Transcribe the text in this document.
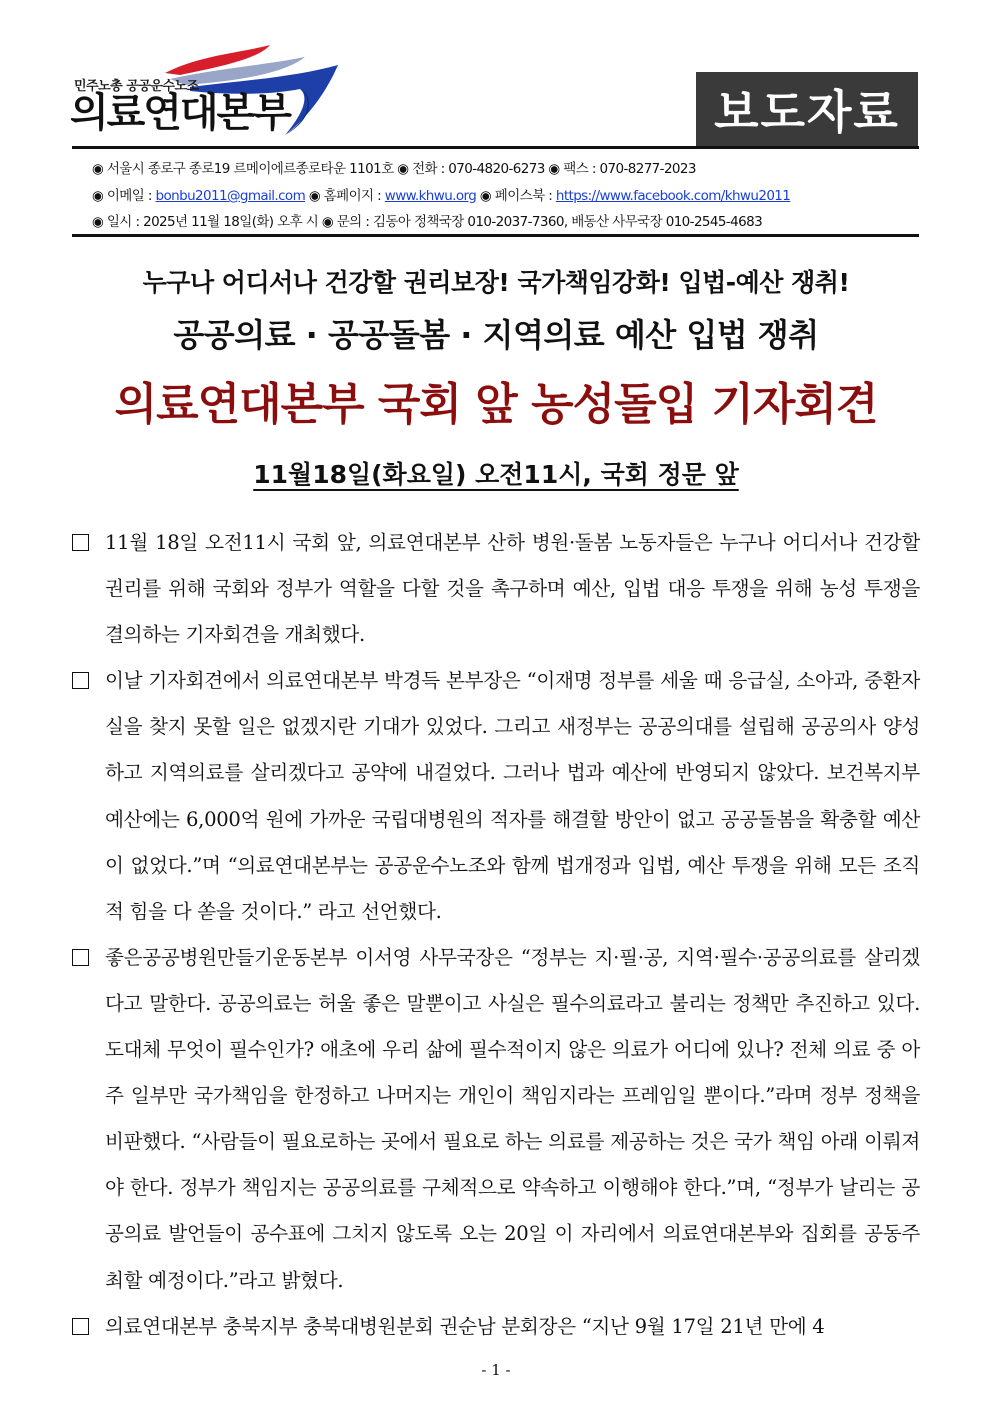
민주노총 공공운수노조
의료연대본부	보도자료
◉ 서울시 종로구 종로19 르메이에르종로타운 1101호 ◉ 전화 : 070-4820-6273 ◉ 팩스 : 070-8277-2023
◉ 이메일 : bonbu2011@gmail.com ◉ 홈페이지 : www.khwu.org ◉ 페이스북 : https://www.facebook.com/khwu2011
◉ 일시 : 2025년 11월 18일(화) 오후 시 ◉ 문의 : 김동아 정책국장 010-2037-7360, 배동산 사무국장 010-2545-4683
누구나 어디서나 건강할 권리보장! 국가책임강화! 입법-예산 쟁취!
공공의료 · 공공돌봄 · 지역의료 예산 입법 쟁취
의료연대본부 국회 앞 농성돌입 기자회견
11월18일(화요일) 오전11시, 국회 정문 앞
11월 18일 오전11시 국회 앞, 의료연대본부 산하 병원·돌봄 노동자들은 누구나 어디서나 건강할 권리를 위해 국회와 정부가 역할을 다할 것을 촉구하며 예산, 입법 대응 투쟁을 위해 농성 투쟁을 결의하는 기자회견을 개최했다.
이날 기자회견에서 의료연대본부 박경득 본부장은 “이재명 정부를 세울 때 응급실, 소아과, 중환자실을 찾지 못할 일은 없겠지란 기대가 있었다. 그리고 새정부는 공공의대를 설립해 공공의사 양성하고 지역의료를 살리겠다고 공약에 내걸었다. 그러나 법과 예산에 반영되지 않았다. 보건복지부 예산에는 6,000억 원에 가까운 국립대병원의 적자를 해결할 방안이 없고 공공돌봄을 확충할 예산이 없었다.”며 “의료연대본부는 공공운수노조와 함께 법개정과 입법, 예산 투쟁을 위해 모든 조직적 힘을 다 쏟을 것이다.” 라고 선언했다.
좋은공공병원만들기운동본부 이서영 사무국장은 “정부는 지·필·공, 지역·필수·공공의료를 살리겠다고 말한다. 공공의료는 허울 좋은 말뿐이고 사실은 필수의료라고 불리는 정책만 추진하고 있다. 도대체 무엇이 필수인가? 애초에 우리 삶에 필수적이지 않은 의료가 어디에 있나? 전체 의료 중 아주 일부만 국가책임을 한정하고 나머지는 개인이 책임지라는 프레임일 뿐이다.”라며 정부 정책을 비판했다. “사람들이 필요로하는 곳에서 필요로 하는 의료를 제공하는 것은 국가 책임 아래 이뤄져야 한다. 정부가 책임지는 공공의료를 구체적으로 약속하고 이행해야 한다.”며, “정부가 날리는 공공의료 발언들이 공수표에 그치지 않도록 오는 20일 이 자리에서 의료연대본부와 집회를 공동주최할 예정이다.”라고 밝혔다.
의료연대본부 충북지부 충북대병원분회 권순남 분회장은 “지난 9월 17일 21년 만에 4
- 1 -
